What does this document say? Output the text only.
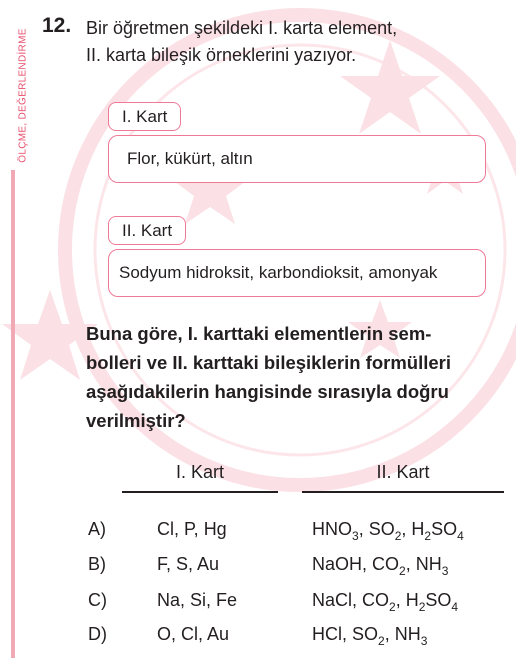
ÖLÇME, DEĞERLENDİRME
12. Bir öğretmen şekildeki I. karta element,
II. karta bileşik örneklerini yazıyor.
Flor, kükürt, altın
I. Kart
Sodyum hidroksit, karbondioksit, amonyak
II. Kart
Buna göre, I. karttaki elementlerin sem-
bolleri ve II. karttaki bileşiklerin formülleri
aşağıdakilerin hangisinde sırasıyla doğru
verilmiştir?
I. Kart	II. Kart
A)	Cl, P, Hg	$HNO_3$, $SO_2$, $H_2SO_4$
B)	F, S, Au	NaOH, $CO_2$, $NH_3$
C)	Na, Si, Fe	NaCl, $CO_2$, $H_2SO_4$
D)	O, Cl, Au	HCl, $SO_2$, $NH_3$
